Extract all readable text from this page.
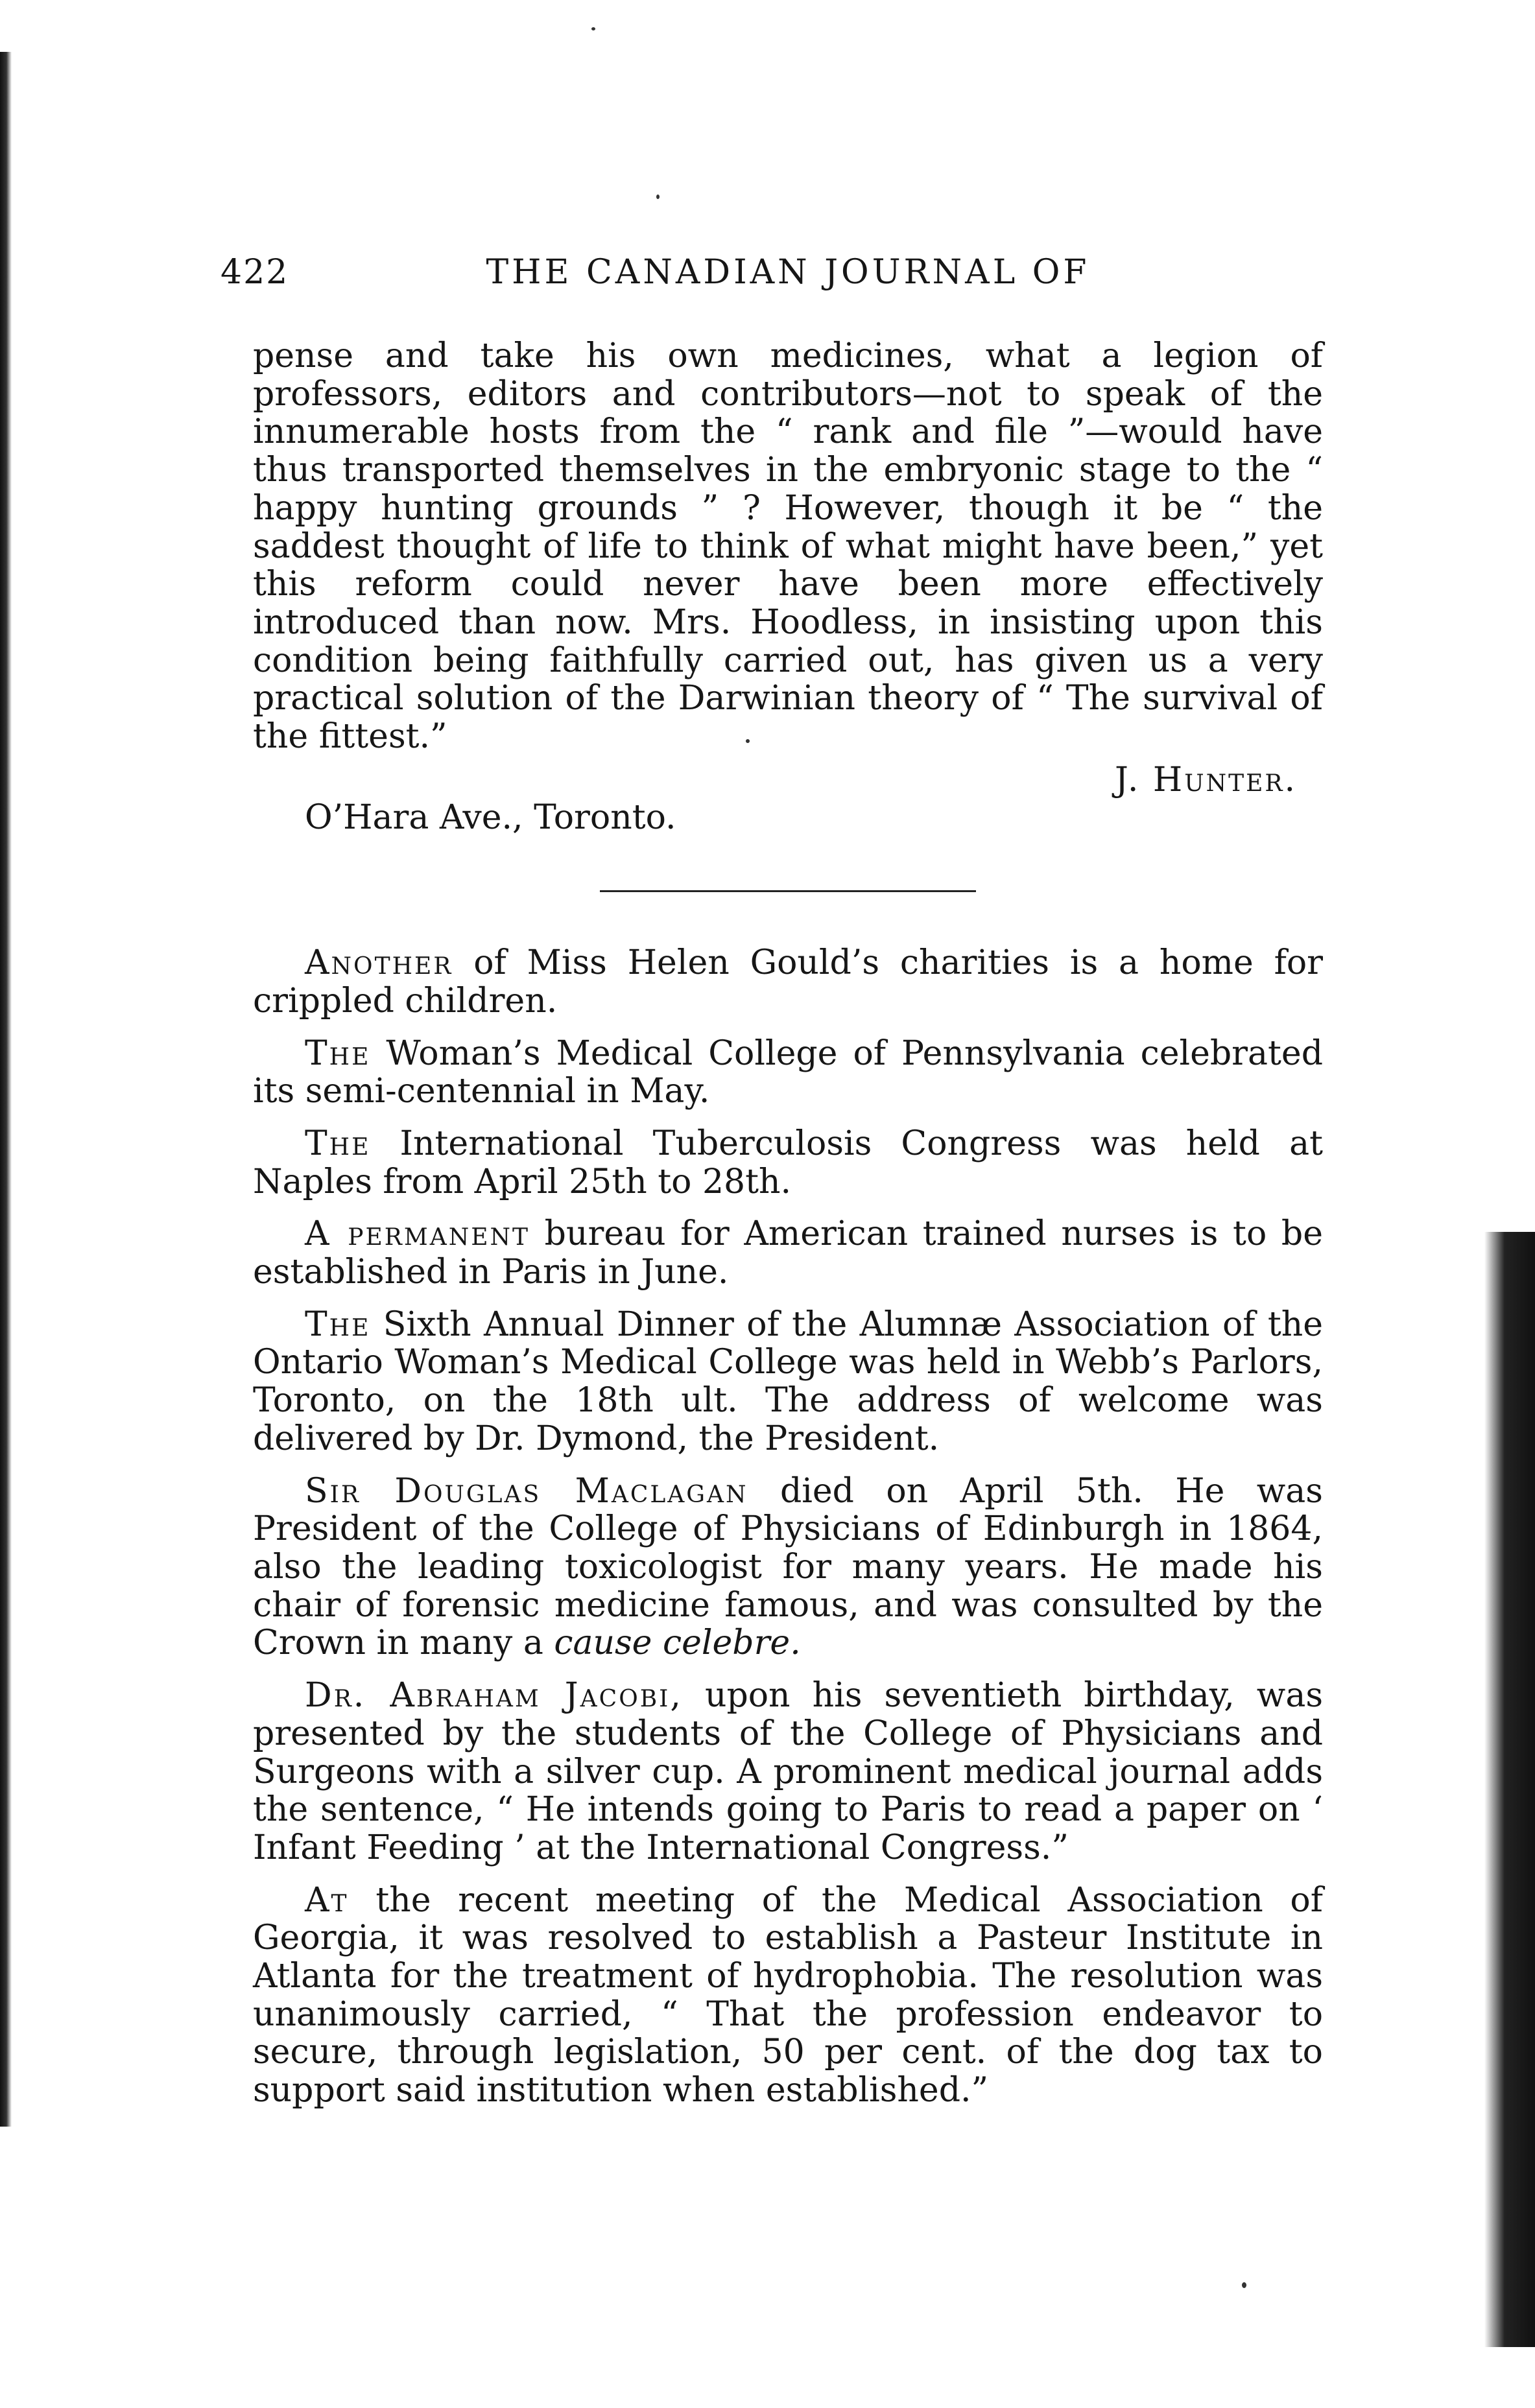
422	THE CANADIAN JOURNAL OF

pense and take his own medicines, what a legion of professors, editors and contributors—not to speak of the innumerable hosts from the “ rank and file ”—would have thus transported themselves in the embryonic stage to the “ happy hunting grounds ” ? However, though it be “ the saddest thought of life to think of what might have been,” yet this reform could never have been more effectively introduced than now. Mrs. Hoodless, in insisting upon this condition being faithfully carried out, has given us a very practical solution of the Darwinian theory of “ The survival of the fittest.”

J. Hunter.

O’Hara Ave., Toronto.

Another of Miss Helen Gould’s charities is a home for crippled children.

The Woman’s Medical College of Pennsylvania celebrated its semi-centennial in May.

The International Tuberculosis Congress was held at Naples from April 25th to 28th.

A permanent bureau for American trained nurses is to be established in Paris in June.

The Sixth Annual Dinner of the Alumnæ Association of the Ontario Woman’s Medical College was held in Webb’s Parlors, Toronto, on the 18th ult. The address of welcome was delivered by Dr. Dymond, the President.

Sir Douglas Maclagan died on April 5th. He was President of the College of Physicians of Edinburgh in 1864, also the leading toxicologist for many years. He made his chair of forensic medicine famous, and was consulted by the Crown in many a cause celebre.

Dr. Abraham Jacobi, upon his seventieth birthday, was presented by the students of the College of Physicians and Surgeons with a silver cup. A prominent medical journal adds the sentence, “ He intends going to Paris to read a paper on ‘ Infant Feeding ’ at the International Congress.”

At the recent meeting of the Medical Association of Georgia, it was resolved to establish a Pasteur Institute in Atlanta for the treatment of hydrophobia. The resolution was unanimously carried, “ That the profession endeavor to secure, through legislation, 50 per cent. of the dog tax to support said institution when established.”
